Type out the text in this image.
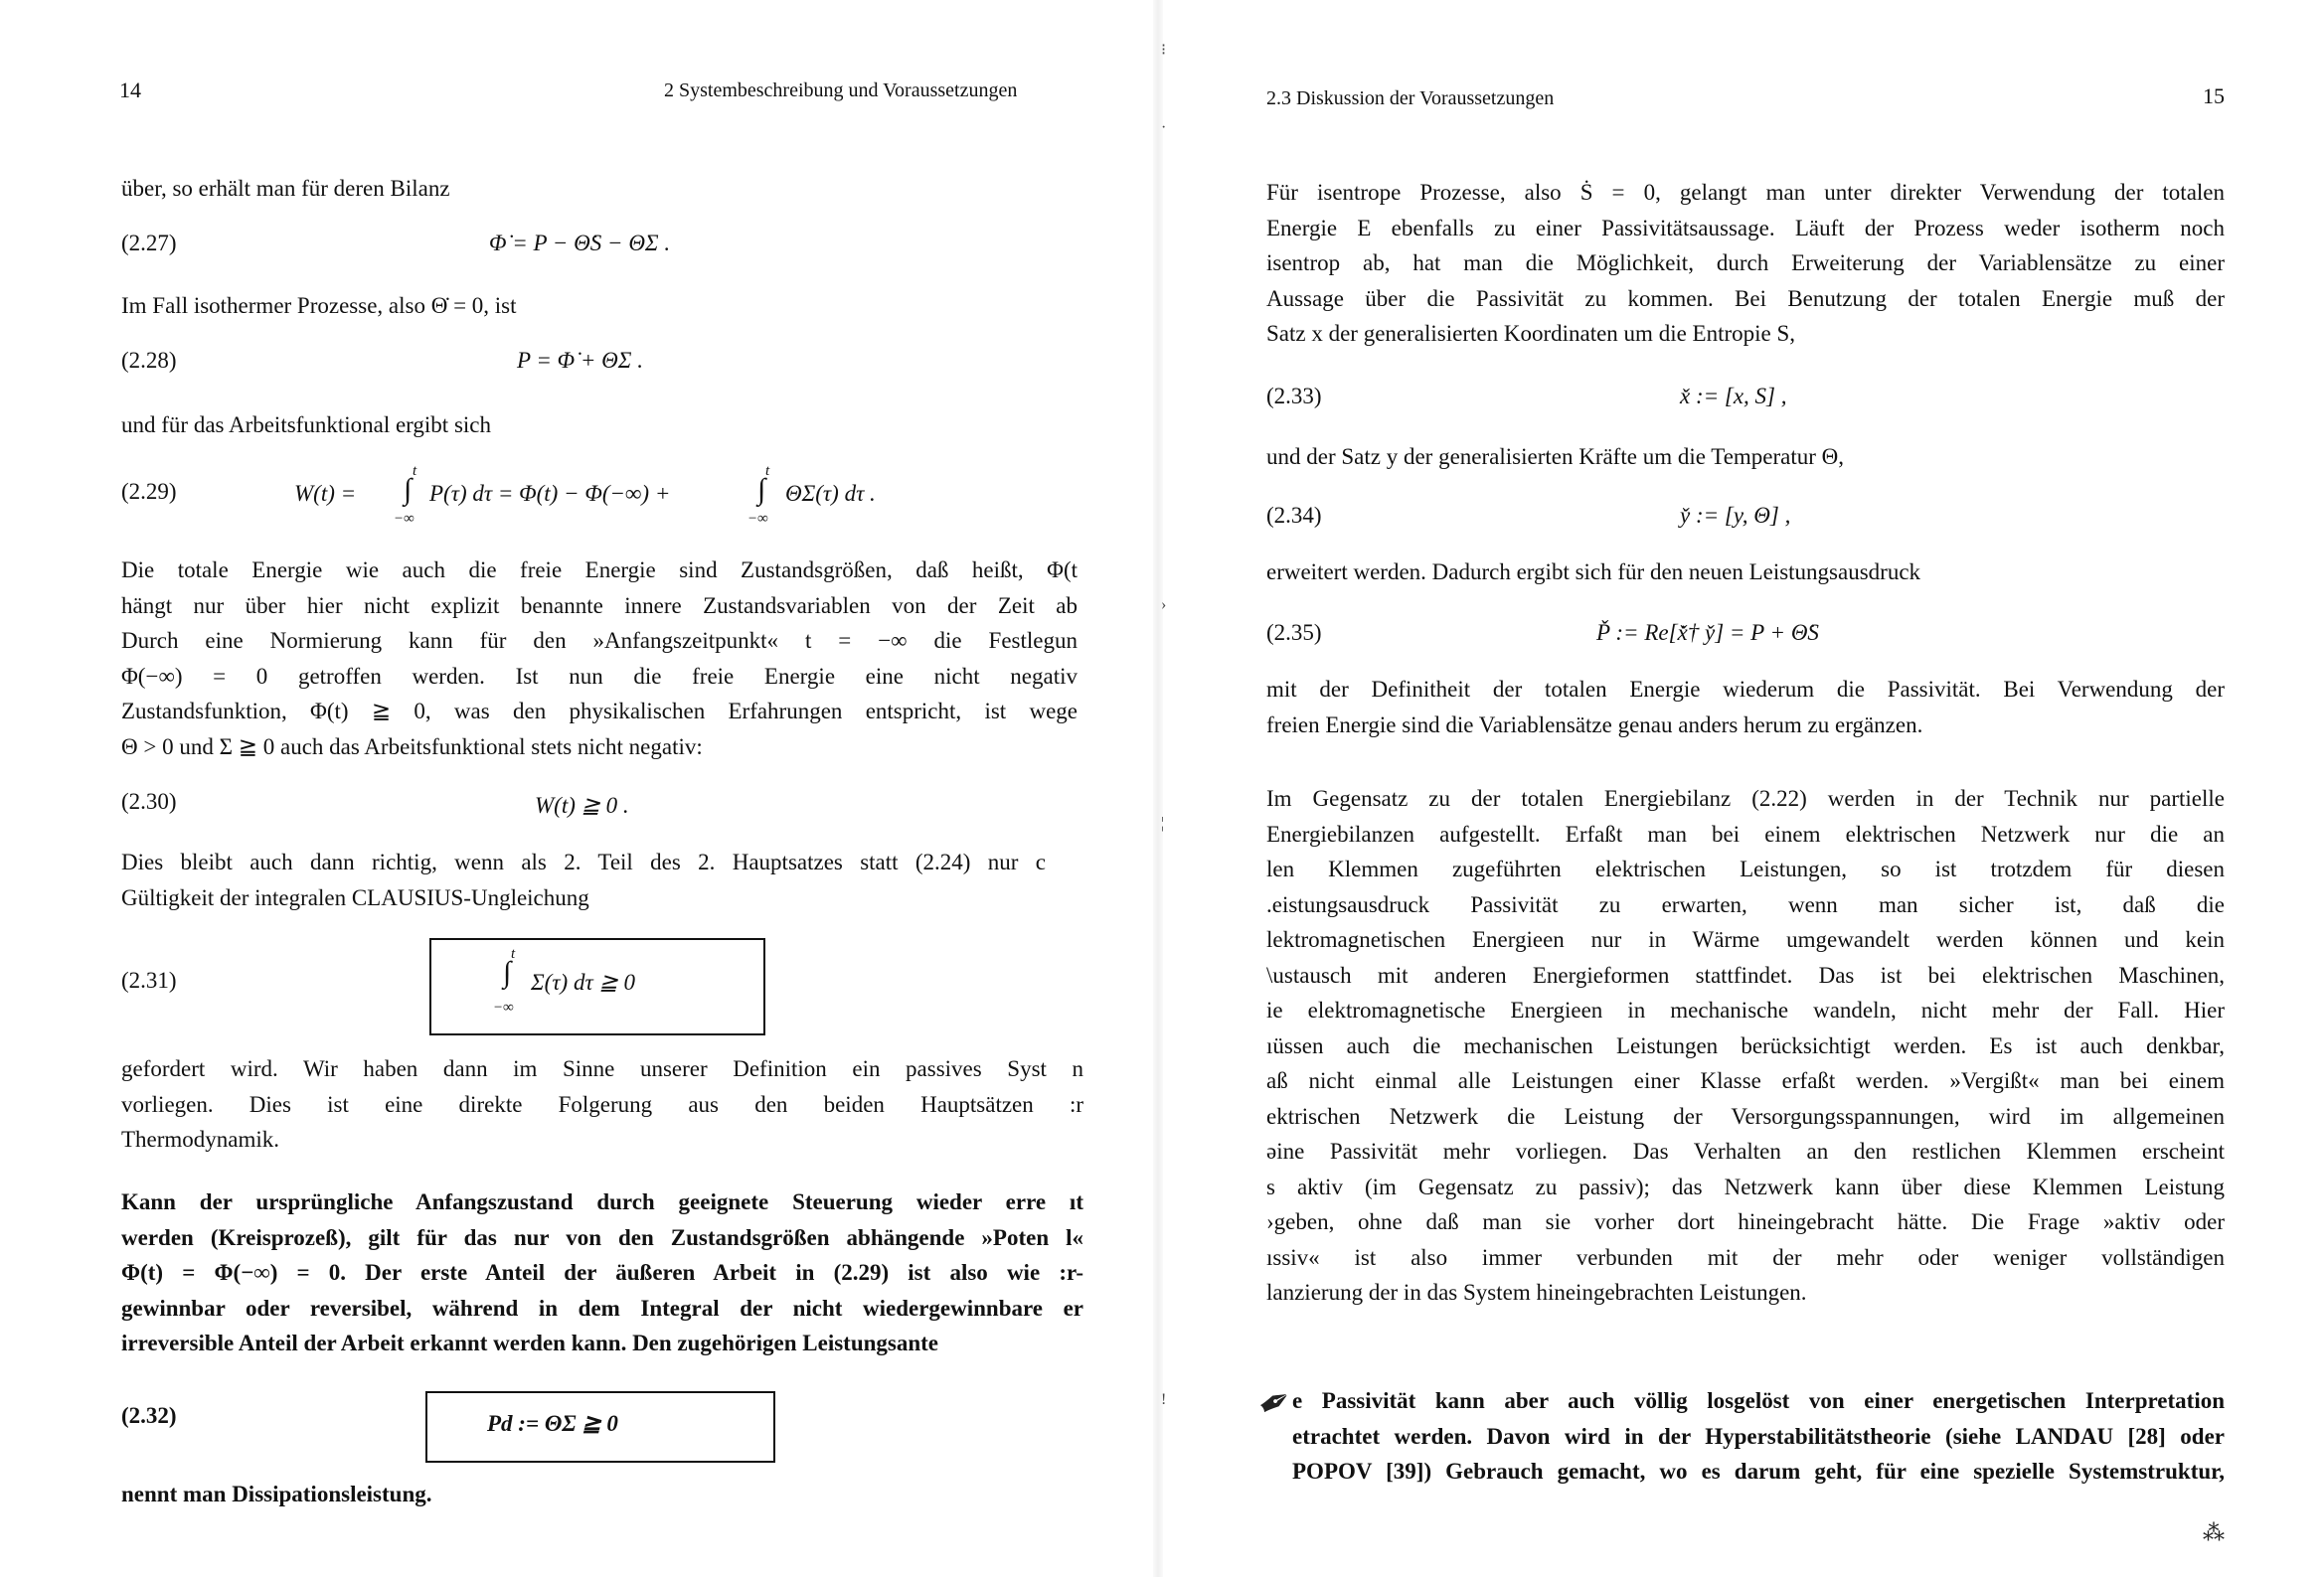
14	2 Systembeschreibung und Voraussetzungen

über, so erhält man für deren Bilanz

(2.27)	Φ̇ = P − Θ̇S − ΘΣ .

Im Fall isothermer Prozesse, also Θ̇ = 0, ist

(2.28)	P = Φ̇ + ΘΣ .

und für das Arbeitsfunktional ergibt sich

(2.29)	W(t) =
t
∫
−∞
P(τ) dτ = Φ(t) − Φ(−∞) +
t
∫
−∞
ΘΣ(τ) dτ .
Die totale Energie wie auch die freie Energie sind Zustandsgrößen, daß heißt, Φ(t
hängt nur über hier nicht explizit benannte innere Zustandsvariablen von der Zeit ab
Durch eine Normierung kann für den »Anfangszeitpunkt« t = −∞ die Festlegun
Φ(−∞) = 0 getroffen werden. Ist nun die freie Energie eine nicht negativ
Zustandsfunktion, Φ(t) ≧ 0, was den physikalischen Erfahrungen entspricht, ist wege
Θ > 0 und Σ ≧ 0 auch das Arbeitsfunktional stets nicht negativ:
(2.30)	W(t) ≧ 0 .
Dies bleibt auch dann richtig, wenn als 2. Teil des 2. Hauptsatzes statt (2.24) nur c
Gültigkeit der integralen CLAUSIUS-Ungleichung
(2.31)
t
∫
−∞
Σ(τ) dτ ≧ 0
gefordert wird. Wir haben dann im Sinne unserer Definition ein passives Syst n
vorliegen. Dies ist eine direkte Folgerung aus den beiden Hauptsätzen :r
Thermodynamik.
Kann der ursprüngliche Anfangszustand durch geeignete Steuerung wieder erre ıt
werden (Kreisprozeß), gilt für das nur von den Zustandsgrößen abhängende »Poten l«
Φ(t) = Φ(−∞) = 0. Der erste Anteil der äußeren Arbeit in (2.29) ist also wie :r-
gewinnbar oder reversibel, während in dem Integral der nicht wiedergewinnbare er
irreversible Anteil der Arbeit erkannt werden kann. Den zugehörigen Leistungsante
(2.32)	Pd := ΘΣ ≧ 0

nennt man Dissipationsleistung.

⁝
·
›
¦
!
2.3 Diskussion der Voraussetzungen	15
Für isentrope Prozesse, also Ṡ = 0, gelangt man unter direkter Verwendung der totalen
Energie E ebenfalls zu einer Passivitätsaussage. Läuft der Prozess weder isotherm noch
isentrop ab, hat man die Möglichkeit, durch Erweiterung der Variablensätze zu einer
Aussage über die Passivität zu kommen. Bei Benutzung der totalen Energie muß der
Satz x der generalisierten Koordinaten um die Entropie S,
(2.33)	x̌ := [x, S] ,

und der Satz y der generalisierten Kräfte um die Temperatur Θ,

(2.34)	y̌ := [y, Θ] ,

erweitert werden. Dadurch ergibt sich für den neuen Leistungsausdruck

(2.35)	P̌ := Re[x̌̇† y̌] = P + Θ̇S
mit der Definitheit der totalen Energie wiederum die Passivität. Bei Verwendung der
freien Energie sind die Variablensätze genau anders herum zu ergänzen.
Im Gegensatz zu der totalen Energiebilanz (2.22) werden in der Technik nur partielle
Energiebilanzen aufgestellt. Erfaßt man bei einem elektrischen Netzwerk nur die an
len Klemmen zugeführten elektrischen Leistungen, so ist trotzdem für diesen
.eistungsausdruck Passivität zu erwarten, wenn man sicher ist, daß die
lektromagnetischen Energieen nur in Wärme umgewandelt werden können und kein
\ustausch mit anderen Energieformen stattfindet. Das ist bei elektrischen Maschinen,
ie elektromagnetische Energieen in mechanische wandeln, nicht mehr der Fall. Hier
ıüssen auch die mechanischen Leistungen berücksichtigt werden. Es ist auch denkbar,
aß nicht einmal alle Leistungen einer Klasse erfaßt werden. »Vergißt« man bei einem
ektrischen Netzwerk die Leistung der Versorgungsspannungen, wird im allgemeinen
əine Passivität mehr vorliegen. Das Verhalten an den restlichen Klemmen erscheint
s aktiv (im Gegensatz zu passiv); das Netzwerk kann über diese Klemmen Leistung
›geben, ohne daß man sie vorher dort hineingebracht hätte. Die Frage »aktiv oder
ıssiv« ist also immer verbunden mit der mehr oder weniger vollständigen
lanzierung der in das System hineingebrachten Leistungen.
✒
e Passivität kann aber auch völlig losgelöst von einer energetischen Interpretation
etrachtet werden. Davon wird in der Hyperstabilitätstheorie (siehe LANDAU [28] oder
POPOV [39]) Gebrauch gemacht, wo es darum geht, für eine spezielle Systemstruktur,
⁂
